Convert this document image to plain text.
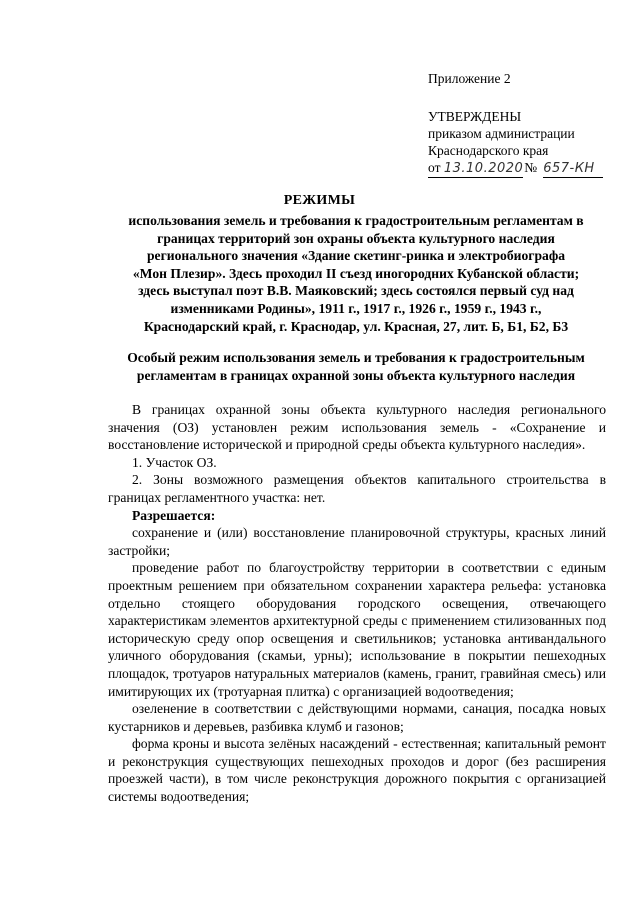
Приложение 2
УТВЕРЖДЕНЫ
приказом администрации
Краснодарского края
от 13.10.2020 № 657-КН
РЕЖИМЫ
использования земель и требования к градостроительным регламентам в
границах территорий зон охраны объекта культурного наследия
регионального значения «Здание скетинг-ринка и электробиографа
«Мон Плезир». Здесь проходил II съезд иногородних Кубанской области;
здесь выступал поэт В.В. Маяковский; здесь состоялся первый суд над
изменниками Родины», 1911 г., 1917 г., 1926 г., 1959 г., 1943 г.,
Краснодарский край, г. Краснодар, ул. Красная, 27, лит. Б, Б1, Б2, Б3
Особый режим использования земель и требования к градостроительным
регламентам в границах охранной зоны объекта культурного наследия

В границах охранной зоны объекта культурного наследия регионального значения (ОЗ) установлен режим использования земель - «Сохранение и восстановление исторической и природной среды объекта культурного наследия».

1. Участок ОЗ.

2. Зоны возможного размещения объектов капитального строительства в границах регламентного участка: нет.

Разрешается:

сохранение и (или) восстановление планировочной структуры, красных линий застройки;

проведение работ по благоустройству территории в соответствии с единым проектным решением при обязательном сохранении характера рельефа: установка отдельно стоящего оборудования городского освещения, отвечающего характеристикам элементов архитектурной среды с применением стилизованных под историческую среду опор освещения и светильников; установка антивандального уличного оборудования (скамьи, урны); использование в покрытии пешеходных площадок, тротуаров натуральных материалов (камень, гранит, гравийная смесь) или имитирующих их (тротуарная плитка) с организацией водоотведения;

озеленение в соответствии с действующими нормами, санация, посадка новых кустарников и деревьев, разбивка клумб и газонов;

форма кроны и высота зелёных насаждений - естественная; капитальный ремонт и реконструкция существующих пешеходных проходов и дорог (без расширения проезжей части), в том числе реконструкция дорожного покрытия с организацией системы водоотведения;
